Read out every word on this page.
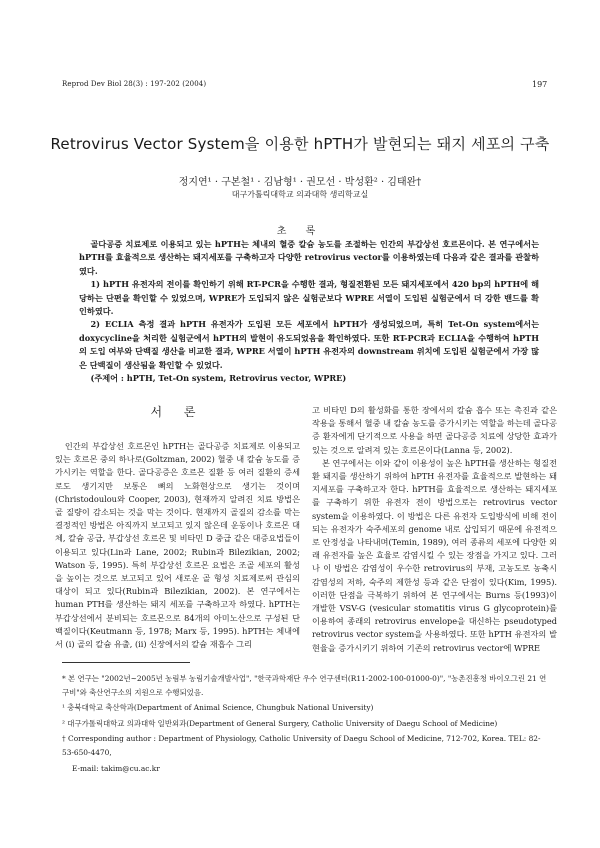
Reprod Dev Biol 28(3) : 197-202 (2004)	197
Retrovirus Vector System을 이용한 hPTH가 발현되는 돼지 세포의 구축
정지연¹ · 구본철¹ · 김남형¹ · 권모선 · 박성환² · 김태완†
대구가톨릭대학교 의과대학 생리학교실
초 록

골다공증 치료제로 이용되고 있는 hPTH는 체내의 혈중 칼슘 농도를 조절하는 인간의 부갑상선 호르몬이다. 본 연구에서는 hPTH를 효율적으로 생산하는 돼지세포를 구축하고자 다양한 retrovirus vector를 이용하였는데 다음과 같은 결과를 관찰하였다.

1) hPTH 유전자의 전이를 확인하기 위해 RT-PCR을 수행한 결과, 형질전환된 모든 돼지세포에서 420 bp의 hPTH에 해당하는 단편을 확인할 수 있었으며, WPRE가 도입되지 않은 실험군보다 WPRE 서열이 도입된 실험군에서 더 강한 밴드를 확인하였다.

2) ECLIA 측정 결과 hPTH 유전자가 도입된 모든 세포에서 hPTH가 생성되었으며, 특히 Tet-On system에서는 doxycycline을 처리한 실험군에서 hPTH의 발현이 유도되었음을 확인하였다. 또한 RT-PCR과 ECLIA을 수행하여 hPTH의 도입 여부와 단백질 생산을 비교한 결과, WPRE 서열이 hPTH 유전자의 downstream 위치에 도입된 실험군에서 가장 많은 단백질이 생산됨을 확인할 수 있었다.

(주제어 : hPTH, Tet-On system, Retrovirus vector, WPRE)

서 론

인간의 부갑상선 호르몬인 hPTH는 골다공증 치료제로 이용되고 있는 호르몬 중의 하나로(Goltzman, 2002) 혈중 내 칼슘 농도를 증가시키는 역할을 한다. 골다공증은 호르몬 질환 등 여러 질환의 증세로도 생기지만 보통은 뼈의 노화현상으로 생기는 것이며(Christodoulou와 Cooper, 2003), 현재까지 알려진 치료 방법은 골 질량이 감소되는 것을 막는 것이다. 현재까지 골질의 감소를 막는 결정적인 방법은 아직까지 보고되고 있지 않은데 운동이나 호르몬 대체, 칼슘 공급, 부갑상선 호르몬 및 비타민 D 중급 같은 대증요법들이 이용되고 있다(Lin과 Lane, 2002; Rubin과 Bilezikian, 2002; Watson 등, 1995). 특히 부갑상선 호르몬 요법은 조골 세포의 활성을 높이는 것으로 보고되고 있어 새로운 골 형성 치료제로써 관심의 대상이 되고 있다(Rubin과 Bilezikian, 2002). 본 연구에서는 human PTH를 생산하는 돼지 세포를 구축하고자 하였다. hPTH는 부갑상선에서 분비되는 호르몬으로 84개의 아미노산으로 구성된 단백질이다(Keutmann 등, 1978; Marx 등, 1995). hPTH는 체내에서 (ⅰ) 골의 칼슘 유출, (ⅱ) 신장에서의 칼슘 재흡수 그리

고 비타민 D의 활성화를 통한 장에서의 칼슘 흡수 또는 촉진과 같은 작용을 통해서 혈중 내 칼슘 농도를 증가시키는 역할을 하는데 골다공증 환자에게 단기적으로 사용을 하면 골다공증 치료에 상당한 효과가 있는 것으로 알려져 있는 호르몬이다(Lanna 등, 2002).

본 연구에서는 이와 같이 이용성이 높은 hPTH를 생산하는 형질전환 돼지를 생산하기 위하여 hPTH 유전자를 효율적으로 발현하는 돼지세포를 구축하고자 한다. hPTH를 효율적으로 생산하는 돼지세포를 구축하기 위한 유전자 전이 방법으로는 retrovirus vector system을 이용하였다. 이 방법은 다른 유전자 도입방식에 비해 전이되는 유전자가 숙주세포의 genome 내로 삽입되기 때문에 유전적으로 안정성을 나타내며(Temin, 1989), 여러 종류의 세포에 다양한 외래 유전자를 높은 효율로 감염시킬 수 있는 장점을 가지고 있다. 그러나 이 방법은 감염성이 우수한 retrovirus의 부재, 고농도로 농축시 감염성의 저하, 숙주의 제한성 등과 같은 단점이 있다(Kim, 1995). 이러한 단점을 극복하기 위하여 본 연구에서는 Burns 등(1993)이 개발한 VSV-G (vesicular stomatitis virus G glycoprotein)를 이용하여 종래의 retrovirus envelope을 대신하는 pseudotyped retrovirus vector system을 사용하였다. 또한 hPTH 유전자의 발현율을 증가시키기 위하여 기존의 retrovirus vector에 WPRE

* 본 연구는 "2002년~2005년 농림부 농림기술개발사업", "한국과학재단 우수 연구센터(R11-2002-100-01000-0)", "농촌진흥청 바이오그린 21 연구비"와 축산연구소의 지원으로 수행되었음.

¹ 충북대학교 축산학과(Department of Animal Science, Chungbuk National University)

² 대구가톨릭대학교 의과대학 일반외과(Department of General Surgery, Catholic University of Daegu School of Medicine)

† Corresponding author : Department of Physiology, Catholic University of Daegu School of Medicine, 712-702, Korea. TEL: 82-53-650-4470,

E-mail: takim@cu.ac.kr
